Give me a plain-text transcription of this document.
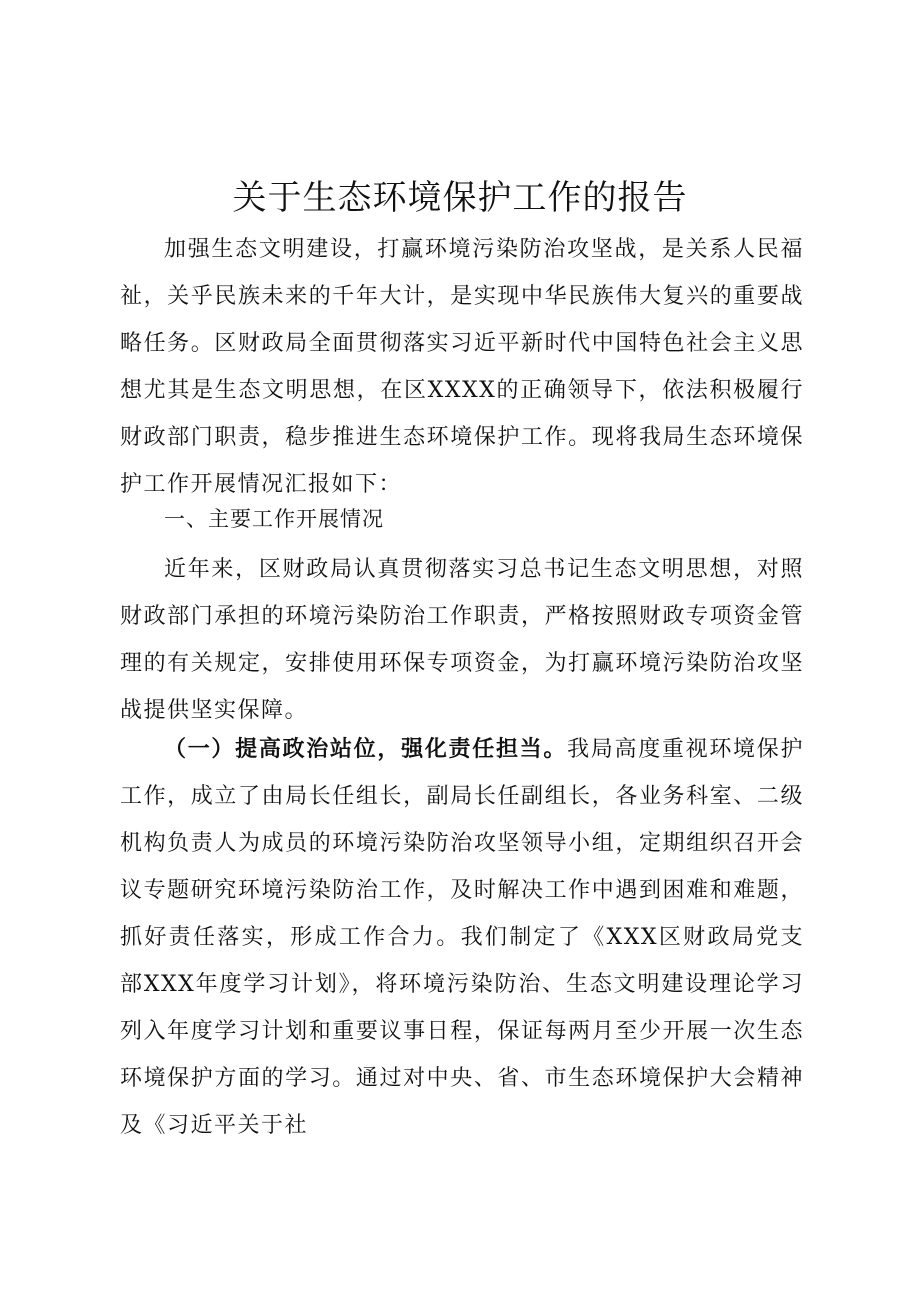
关于生态环境保护工作的报告

加强生态文明建设，打赢环境污染防治攻坚战，是关系人民福祉，关乎民族未来的千年大计，是实现中华民族伟大复兴的重要战略任务。区财政局全面贯彻落实习近平新时代中国特色社会主义思想尤其是生态文明思想，在区XXXX的正确领导下，依法积极履行财政部门职责，稳步推进生态环境保护工作。现将我局生态环境保护工作开展情况汇报如下：

一、主要工作开展情况

近年来，区财政局认真贯彻落实习总书记生态文明思想，对照财政部门承担的环境污染防治工作职责，严格按照财政专项资金管理的有关规定，安排使用环保专项资金，为打赢环境污染防治攻坚战提供坚实保障。

（一）提高政治站位，强化责任担当。我局高度重视环境保护工作，成立了由局长任组长，副局长任副组长，各业务科室、二级机构负责人为成员的环境污染防治攻坚领导小组，定期组织召开会议专题研究环境污染防治工作，及时解决工作中遇到困难和难题，抓好责任落实，形成工作合力。我们制定了《XXX区财政局党支部XXX年度学习计划》，将环境污染防治、生态文明建设理论学习列入年度学习计划和重要议事日程，保证每两月至少开展一次生态环境保护方面的学习。通过对中央、省、市生态环境保护大会精神及《习近平关于社
